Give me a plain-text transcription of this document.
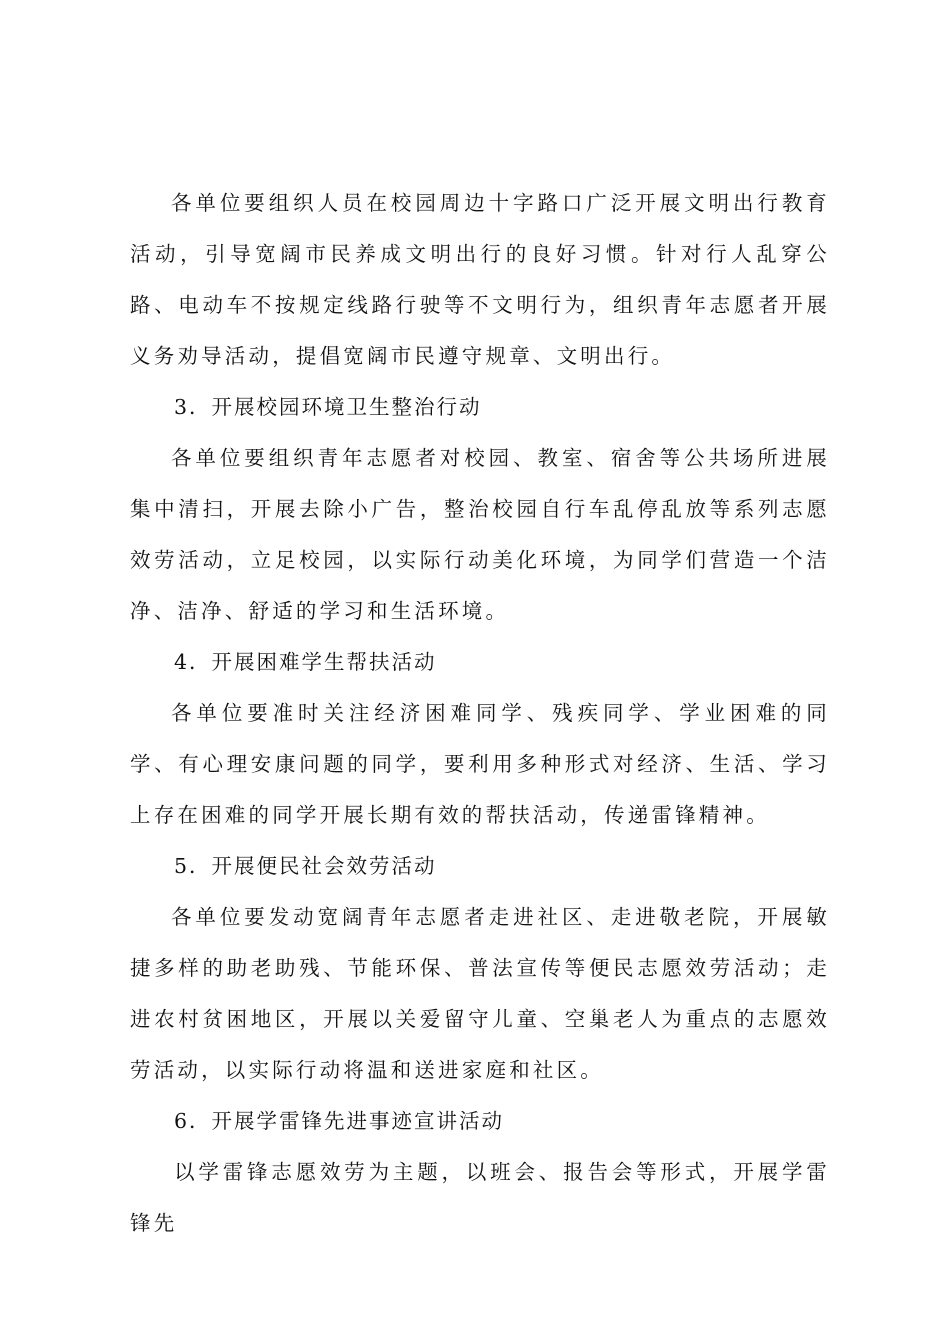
各单位要组织人员在校园周边十字路口广泛开展文明出行教育活动，引导宽阔市民养成文明出行的良好习惯。针对行人乱穿公路、电动车不按规定线路行驶等不文明行为，组织青年志愿者开展义务劝导活动，提倡宽阔市民遵守规章、文明出行。

3．开展校园环境卫生整治行动

各单位要组织青年志愿者对校园、教室、宿舍等公共场所进展集中清扫，开展去除小广告，整治校园自行车乱停乱放等系列志愿效劳活动，立足校园，以实际行动美化环境，为同学们营造一个洁净、洁净、舒适的学习和生活环境。

4．开展困难学生帮扶活动

各单位要准时关注经济困难同学、残疾同学、学业困难的同学、有心理安康问题的同学，要利用多种形式对经济、生活、学习上存在困难的同学开展长期有效的帮扶活动，传递雷锋精神。

5．开展便民社会效劳活动

各单位要发动宽阔青年志愿者走进社区、走进敬老院，开展敏捷多样的助老助残、节能环保、普法宣传等便民志愿效劳活动；走进农村贫困地区，开展以关爱留守儿童、空巢老人为重点的志愿效劳活动，以实际行动将温和送进家庭和社区。

6．开展学雷锋先进事迹宣讲活动

以学雷锋志愿效劳为主题，以班会、报告会等形式，开展学雷锋先
